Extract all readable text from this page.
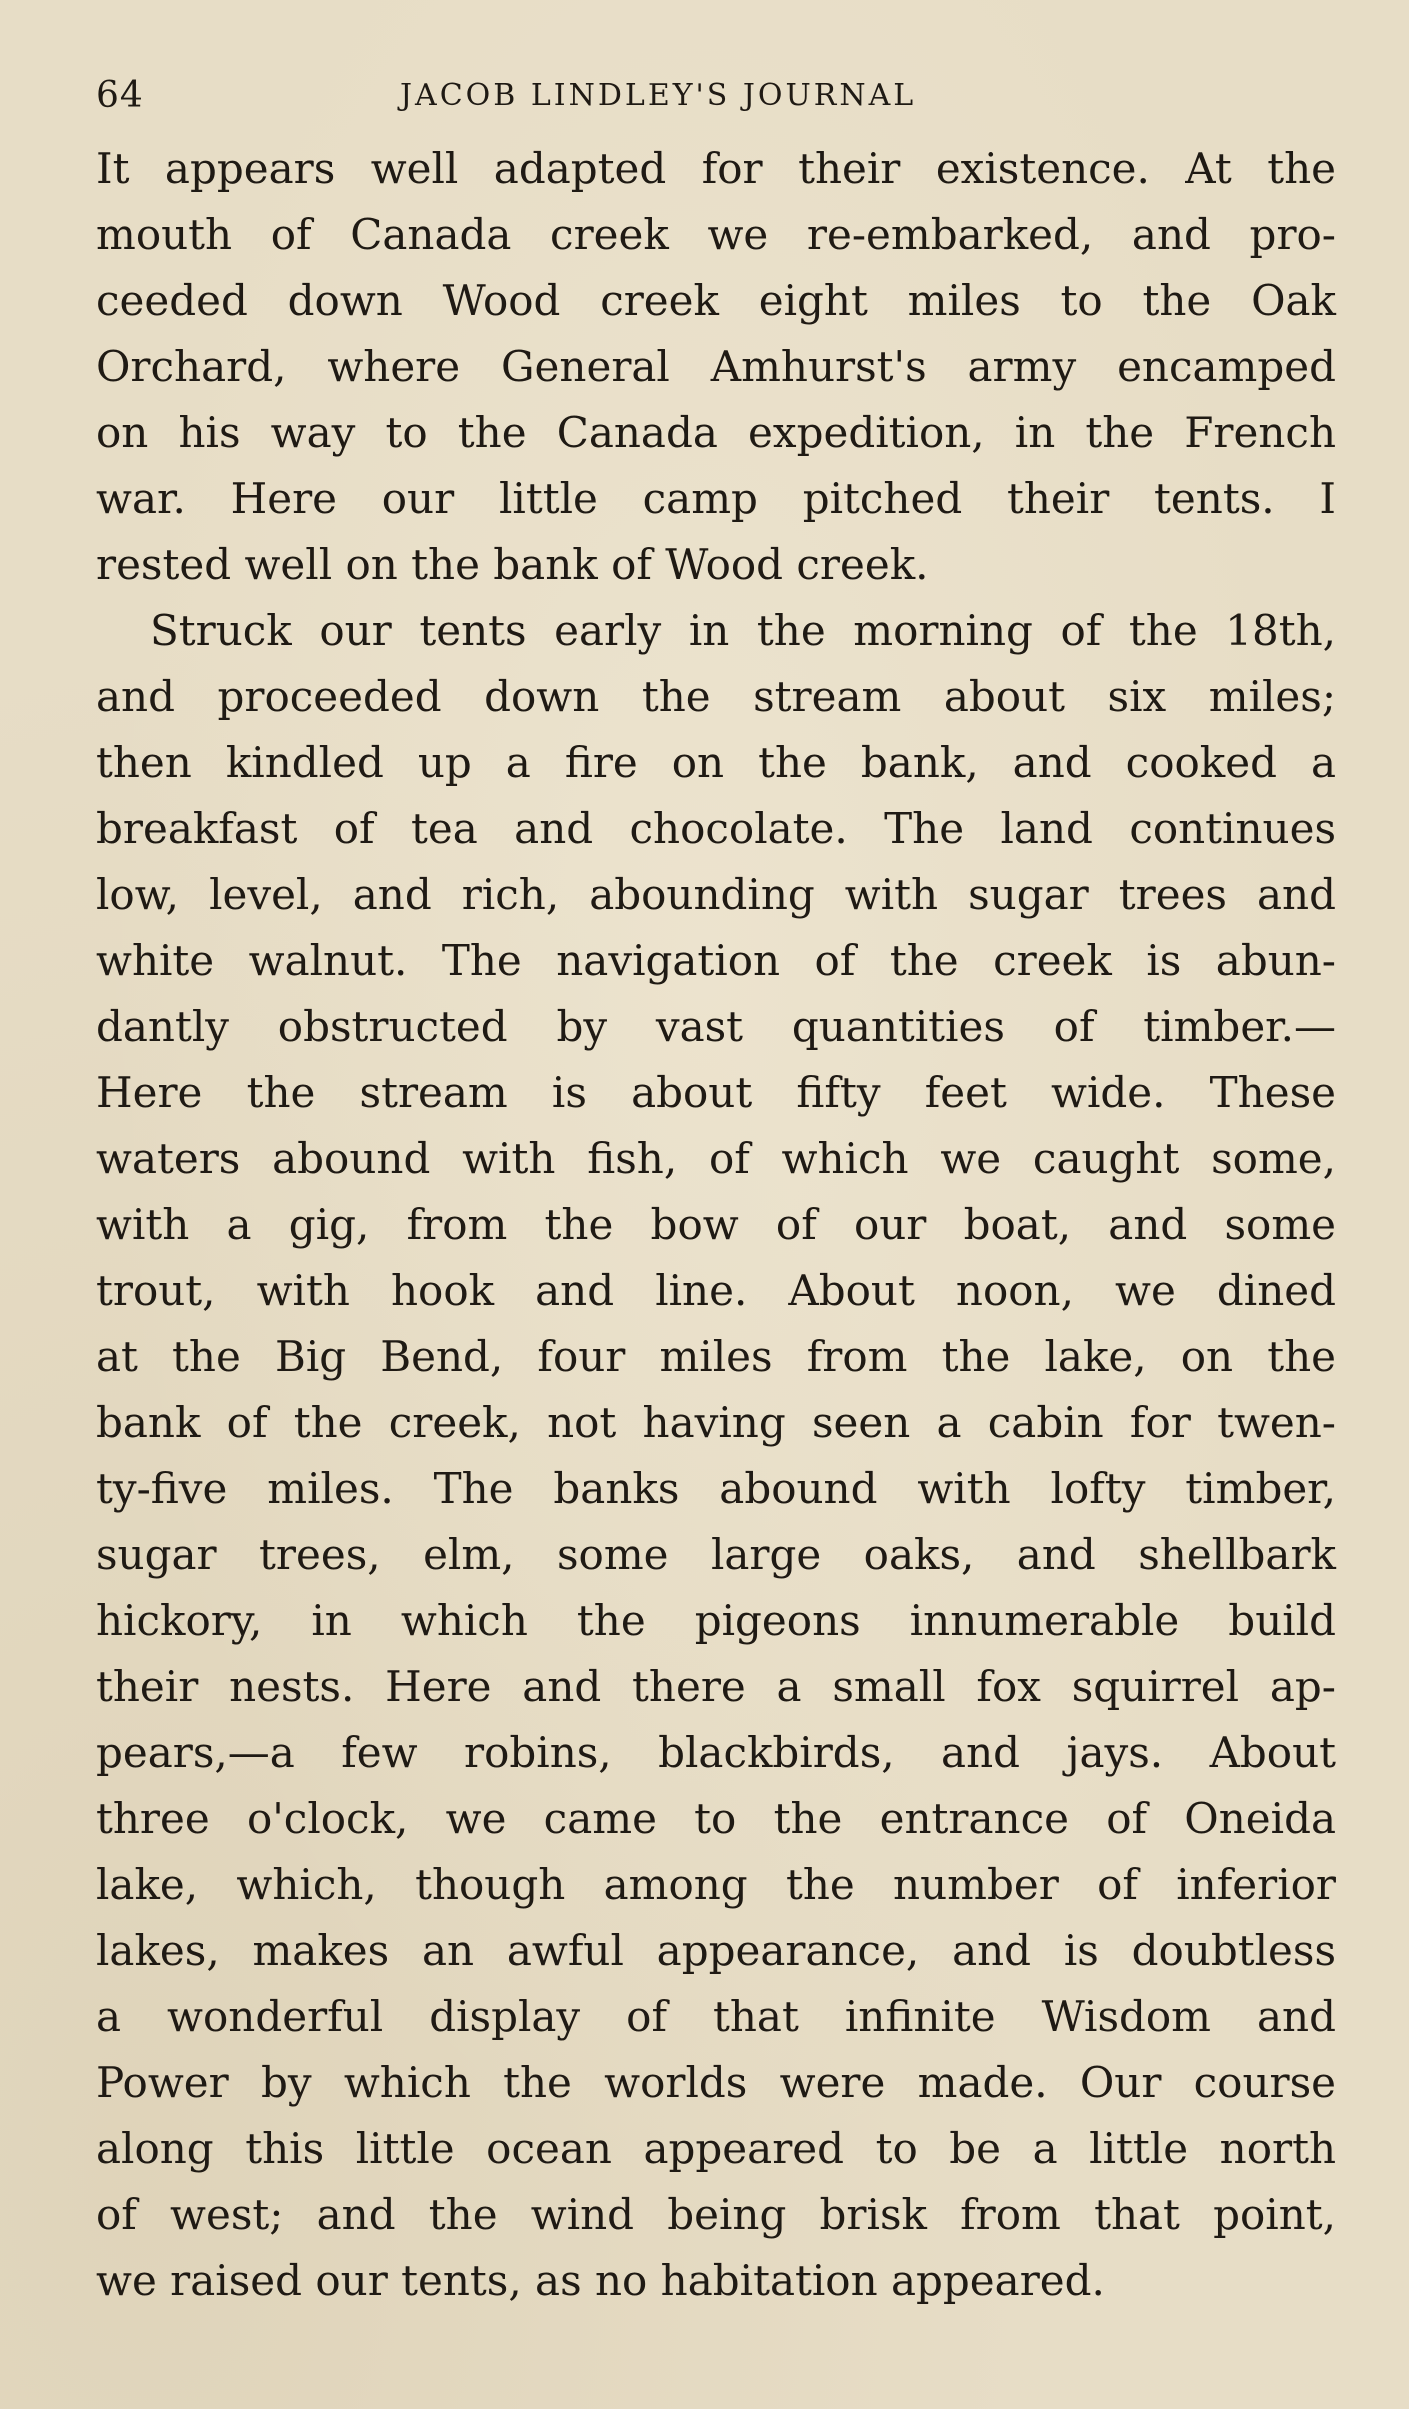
64	JACOB LINDLEY'S JOURNAL
It appears well adapted for their existence. At the
mouth of Canada creek we re-embarked, and pro-
ceeded down Wood creek eight miles to the Oak
Orchard, where General Amhurst's army encamped
on his way to the Canada expedition, in the French
war. Here our little camp pitched their tents. I
rested well on the bank of Wood creek.
Struck our tents early in the morning of the 18th,
and proceeded down the stream about six miles;
then kindled up a fire on the bank, and cooked a
breakfast of tea and chocolate. The land continues
low, level, and rich, abounding with sugar trees and
white walnut. The navigation of the creek is abun-
dantly obstructed by vast quantities of timber.—
Here the stream is about fifty feet wide. These
waters abound with fish, of which we caught some,
with a gig, from the bow of our boat, and some
trout, with hook and line. About noon, we dined
at the Big Bend, four miles from the lake, on the
bank of the creek, not having seen a cabin for twen-
ty-five miles. The banks abound with lofty timber,
sugar trees, elm, some large oaks, and shellbark
hickory, in which the pigeons innumerable build
their nests. Here and there a small fox squirrel ap-
pears,—a few robins, blackbirds, and jays. About
three o'clock, we came to the entrance of Oneida
lake, which, though among the number of inferior
lakes, makes an awful appearance, and is doubtless
a wonderful display of that infinite Wisdom and
Power by which the worlds were made. Our course
along this little ocean appeared to be a little north
of west; and the wind being brisk from that point,
we raised our tents, as no habitation appeared.
